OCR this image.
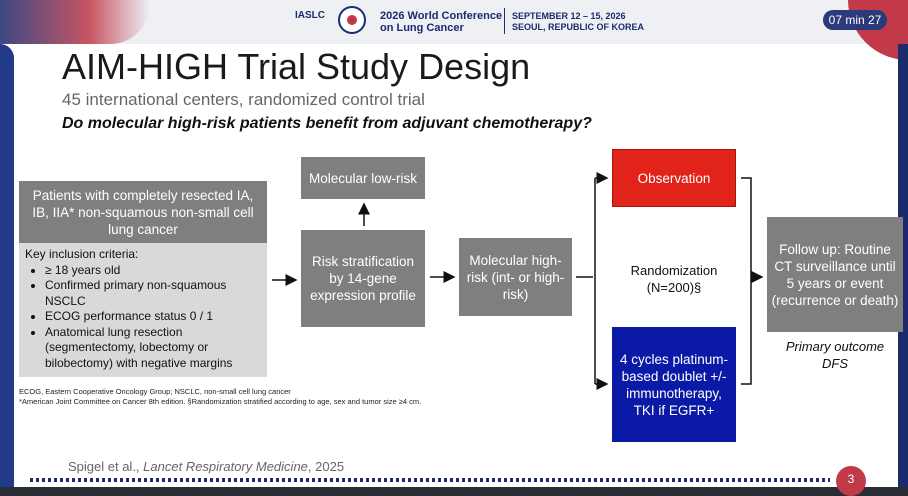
IASLC	2026 World Conference
on Lung Cancer
SEPTEMBER 12 – 15, 2026
SEOUL, REPUBLIC OF KOREA	07 min 27
AIM-HIGH Trial Study Design
45 international centers, randomized control trial
Do molecular high-risk patients benefit from adjuvant chemotherapy?
Patients with completely resected IA, IB, IIA* non-squamous non-small cell lung cancer
Key inclusion criteria:
• ≥ 18 years old
• Confirmed primary non-squamous NSCLC
• ECOG performance status 0 / 1
• Anatomical lung resection (segmentectomy, lobectomy or bilobectomy) with negative margins
Risk stratification by 14-gene expression profile
Molecular low-risk
Molecular high-risk (int- or high-risk)
Observation
4 cycles platinum-based doublet +/- immunotherapy, TKI if EGFR+
Randomization
(N=200)§
Follow up: Routine CT surveillance until 5 years or event (recurrence or death)
Primary outcome
DFS
ECOG, Eastern Cooperative Oncology Group; NSCLC, non-small cell lung cancer
*American Joint Committee on Cancer 8th edition. §Randomization stratified according to age, sex and tumor size ≥4 cm.
Spigel et al., Lancet Respiratory Medicine, 2025
3
